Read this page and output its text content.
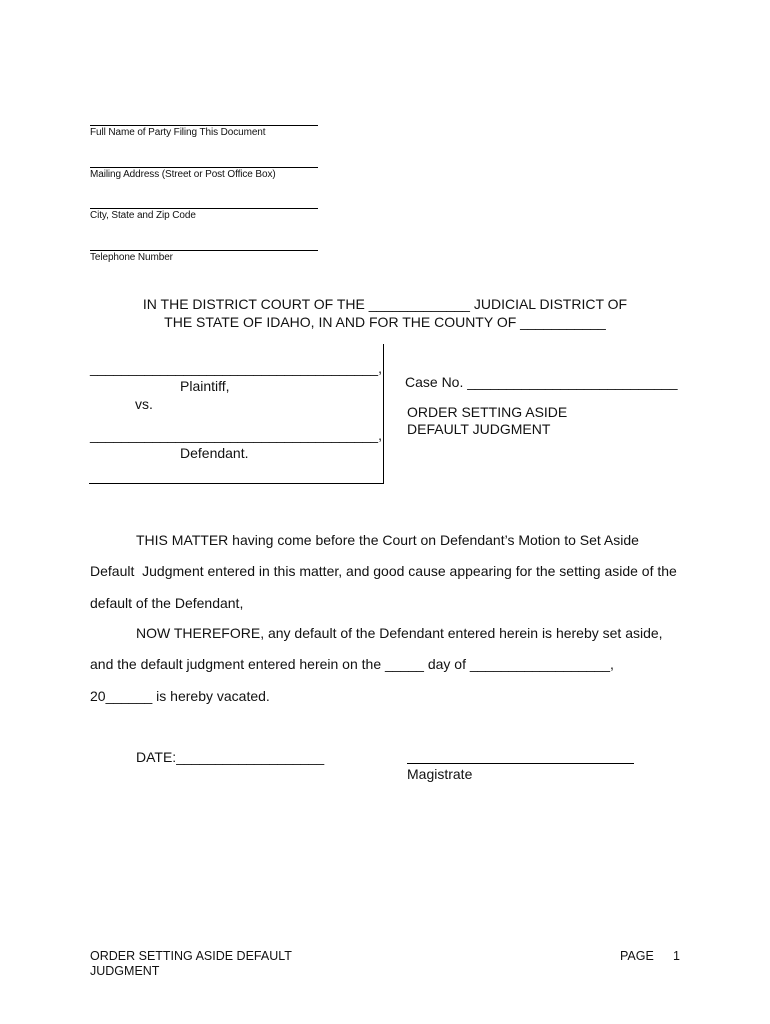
Full Name of Party Filing This Document
Mailing Address (Street or Post Office Box)
City, State and Zip Code
Telephone Number
IN THE DISTRICT COURT OF THE _____________ JUDICIAL DISTRICT OF
THE STATE OF IDAHO, IN AND FOR THE COUNTY OF ___________
_____________________________________,
Plaintiff,
vs.
_____________________________________,
Defendant.
Case No. ___________________________
ORDER SETTING ASIDE
DEFAULT JUDGMENT
THIS MATTER having come before the Court on Defendant’s Motion to Set Aside
Default  Judgment entered in this matter, and good cause appearing for the setting aside of the
default of the Defendant,
NOW THEREFORE, any default of the Defendant entered herein is hereby set aside,
and the default judgment entered herein on the _____ day of __________________,
20______ is hereby vacated.
DATE:___________________
Magistrate
ORDER SETTING ASIDE DEFAULT
JUDGMENT
PAGE 1
